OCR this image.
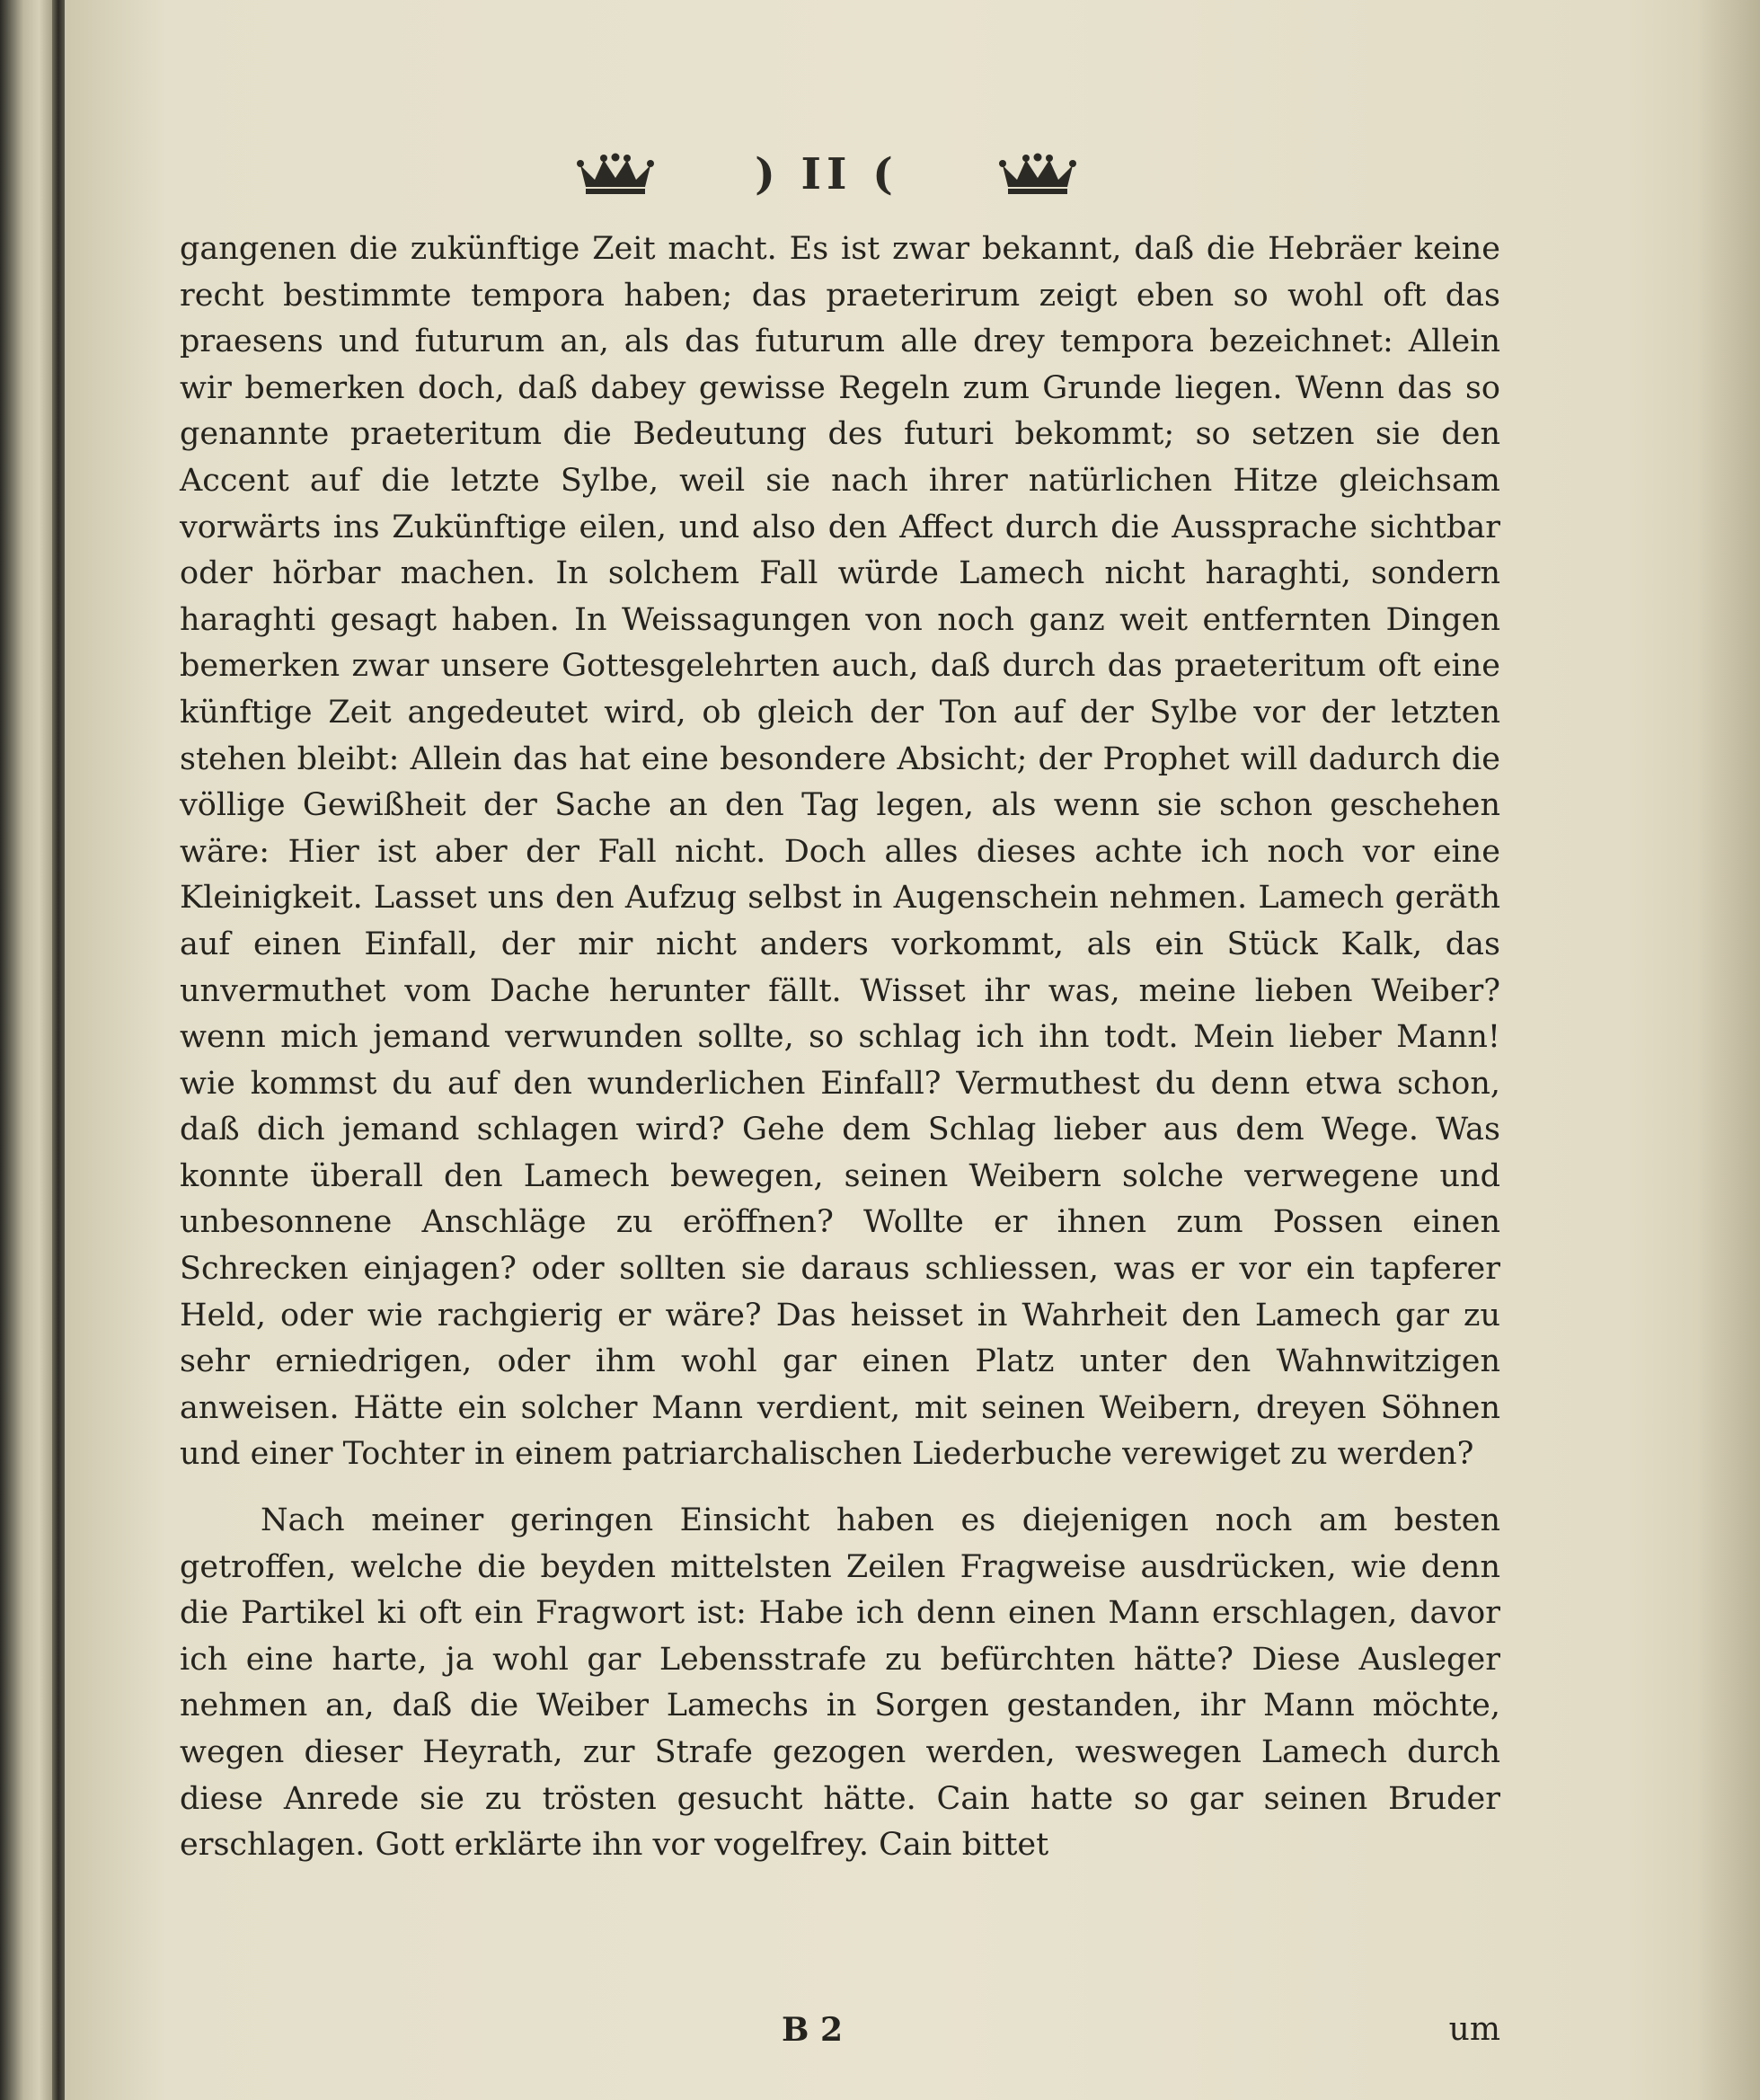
) II (

gangenen die zukünftige Zeit macht. Es ist zwar bekannt, daß die Hebräer keine recht bestimmte tempora haben; das praeterirum zeigt eben so wohl oft das praesens und futurum an, als das futurum alle drey tempora bezeichnet: Allein wir bemerken doch, daß dabey gewisse Regeln zum Grunde liegen. Wenn das so genannte praeteritum die Bedeutung des futuri bekommt; so setzen sie den Accent auf die letzte Sylbe, weil sie nach ihrer natürlichen Hitze gleichsam vorwärts ins Zukünftige eilen, und also den Affect durch die Aussprache sichtbar oder hörbar machen. In solchem Fall würde Lamech nicht haraghti, sondern haraghti gesagt haben. In Weissagungen von noch ganz weit entfernten Dingen bemerken zwar unsere Gottesgelehrten auch, daß durch das praeteritum oft eine künftige Zeit angedeutet wird, ob gleich der Ton auf der Sylbe vor der letzten stehen bleibt: Allein das hat eine besondere Absicht; der Prophet will dadurch die völlige Gewißheit der Sache an den Tag legen, als wenn sie schon geschehen wäre: Hier ist aber der Fall nicht. Doch alles dieses achte ich noch vor eine Kleinigkeit. Lasset uns den Aufzug selbst in Augenschein nehmen. Lamech geräth auf einen Einfall, der mir nicht anders vorkommt, als ein Stück Kalk, das unvermuthet vom Dache herunter fällt. Wisset ihr was, meine lieben Weiber? wenn mich jemand verwunden sollte, so schlag ich ihn todt. Mein lieber Mann! wie kommst du auf den wunderlichen Einfall? Vermuthest du denn etwa schon, daß dich jemand schlagen wird? Gehe dem Schlag lieber aus dem Wege. Was konnte überall den Lamech bewegen, seinen Weibern solche verwegene und unbesonnene Anschläge zu eröffnen? Wollte er ihnen zum Possen einen Schrecken einjagen? oder sollten sie daraus schliessen, was er vor ein tapferer Held, oder wie rachgierig er wäre? Das heisset in Wahrheit den Lamech gar zu sehr erniedrigen, oder ihm wohl gar einen Platz unter den Wahnwitzigen anweisen. Hätte ein solcher Mann verdient, mit seinen Weibern, dreyen Söhnen und einer Tochter in einem patriarchalischen Liederbuche verewiget zu werden?

Nach meiner geringen Einsicht haben es diejenigen noch am besten getroffen, welche die beyden mittelsten Zeilen Fragweise ausdrücken, wie denn die Partikel ki oft ein Fragwort ist: Habe ich denn einen Mann erschlagen, davor ich eine harte, ja wohl gar Lebensstrafe zu befürchten hätte? Diese Ausleger nehmen an, daß die Weiber Lamechs in Sorgen gestanden, ihr Mann möchte, wegen dieser Heyrath, zur Strafe gezogen werden, weswegen Lamech durch diese Anrede sie zu trösten gesucht hätte. Cain hatte so gar seinen Bruder erschlagen. Gott erklärte ihn vor vogelfrey. Cain bittet

B 2	um
